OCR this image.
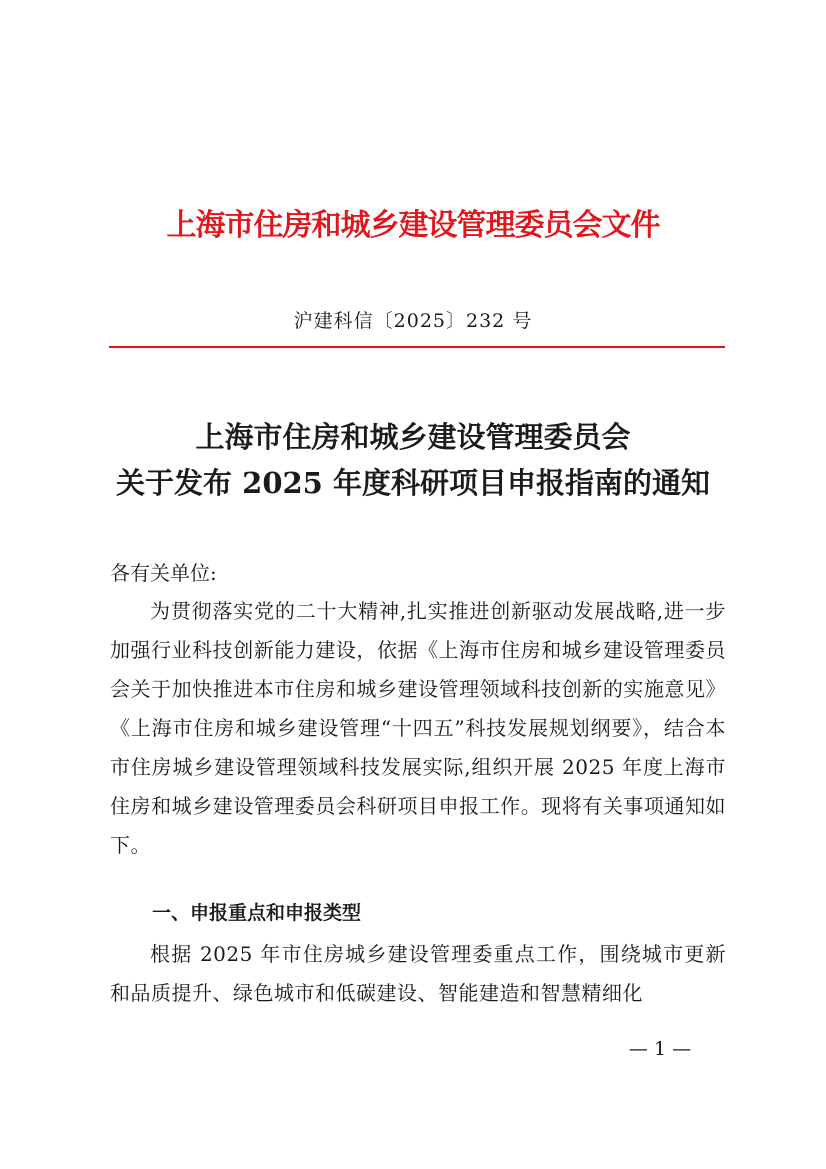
上海市住房和城乡建设管理委员会文件
沪建科信〔2025〕232 号
上海市住房和城乡建设管理委员会
关于发布 2025 年度科研项目申报指南的通知
各有关单位:
为贯彻落实党的二十大精神,扎实推进创新驱动发展战略,进一步加强行业科技创新能力建设，依据《上海市住房和城乡建设管理委员会关于加快推进本市住房和城乡建设管理领域科技创新的实施意见》《上海市住房和城乡建设管理“十四五”科技发展规划纲要》，结合本市住房城乡建设管理领域科技发展实际,组织开展 2025 年度上海市住房和城乡建设管理委员会科研项目申报工作。现将有关事项通知如下。
一、申报重点和申报类型
根据 2025 年市住房城乡建设管理委重点工作，围绕城市更新和品质提升、绿色城市和低碳建设、智能建造和智慧精细化
— 1 —
